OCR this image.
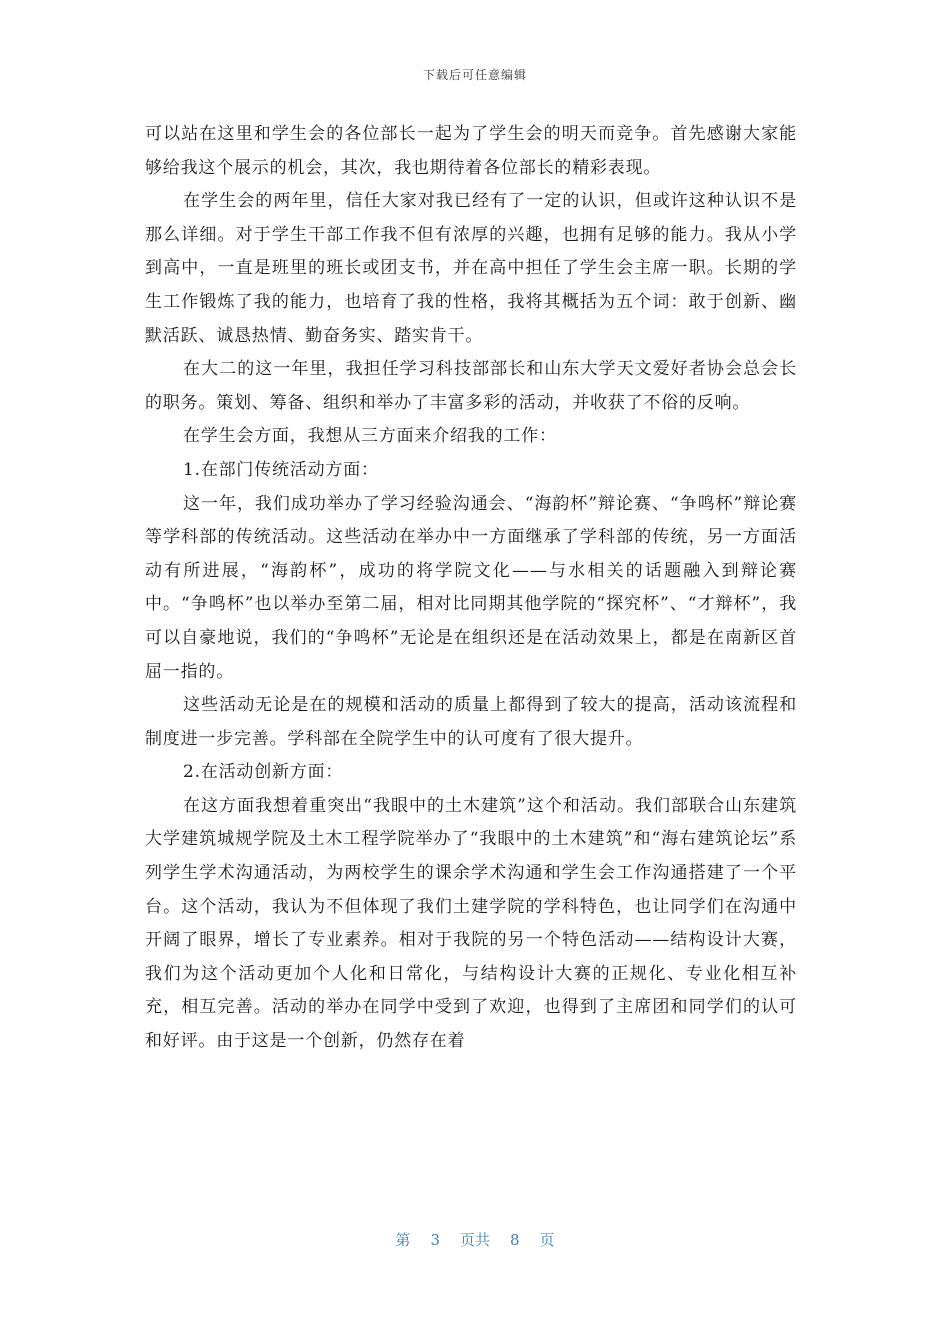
下载后可任意编辑

可以站在这里和学生会的各位部长一起为了学生会的明天而竞争。首先感谢大家能够给我这个展示的机会，其次，我也期待着各位部长的精彩表现。

在学生会的两年里，信任大家对我已经有了一定的认识，但或许这种认识不是那么详细。对于学生干部工作我不但有浓厚的兴趣，也拥有足够的能力。我从小学到高中，一直是班里的班长或团支书，并在高中担任了学生会主席一职。长期的学生工作锻炼了我的能力，也培育了我的性格，我将其概括为五个词：敢于创新、幽默活跃、诚恳热情、勤奋务实、踏实肯干。

在大二的这一年里，我担任学习科技部部长和山东大学天文爱好者协会总会长的职务。策划、筹备、组织和举办了丰富多彩的活动，并收获了不俗的反响。

在学生会方面，我想从三方面来介绍我的工作：

1.在部门传统活动方面：

这一年，我们成功举办了学习经验沟通会、“海韵杯”辩论赛、“争鸣杯”辩论赛等学科部的传统活动。这些活动在举办中一方面继承了学科部的传统，另一方面活动有所进展，“海韵杯”，成功的将学院文化——与水相关的话题融入到辩论赛中。“争鸣杯”也以举办至第二届，相对比同期其他学院的“探究杯”、“才辩杯”，我可以自豪地说，我们的“争鸣杯”无论是在组织还是在活动效果上，都是在南新区首屈一指的。

这些活动无论是在的规模和活动的质量上都得到了较大的提高，活动该流程和制度进一步完善。学科部在全院学生中的认可度有了很大提升。

2.在活动创新方面：

在这方面我想着重突出“我眼中的土木建筑”这个和活动。我们部联合山东建筑大学建筑城规学院及土木工程学院举办了“我眼中的土木建筑”和“海右建筑论坛”系列学生学术沟通活动，为两校学生的课余学术沟通和学生会工作沟通搭建了一个平台。这个活动，我认为不但体现了我们土建学院的学科特色，也让同学们在沟通中开阔了眼界，增长了专业素养。相对于我院的另一个特色活动——结构设计大赛，我们为这个活动更加个人化和日常化，与结构设计大赛的正规化、专业化相互补充，相互完善。活动的举办在同学中受到了欢迎，也得到了主席团和同学们的认可和好评。由于这是一个创新，仍然存在着

第 3 页共 8 页
